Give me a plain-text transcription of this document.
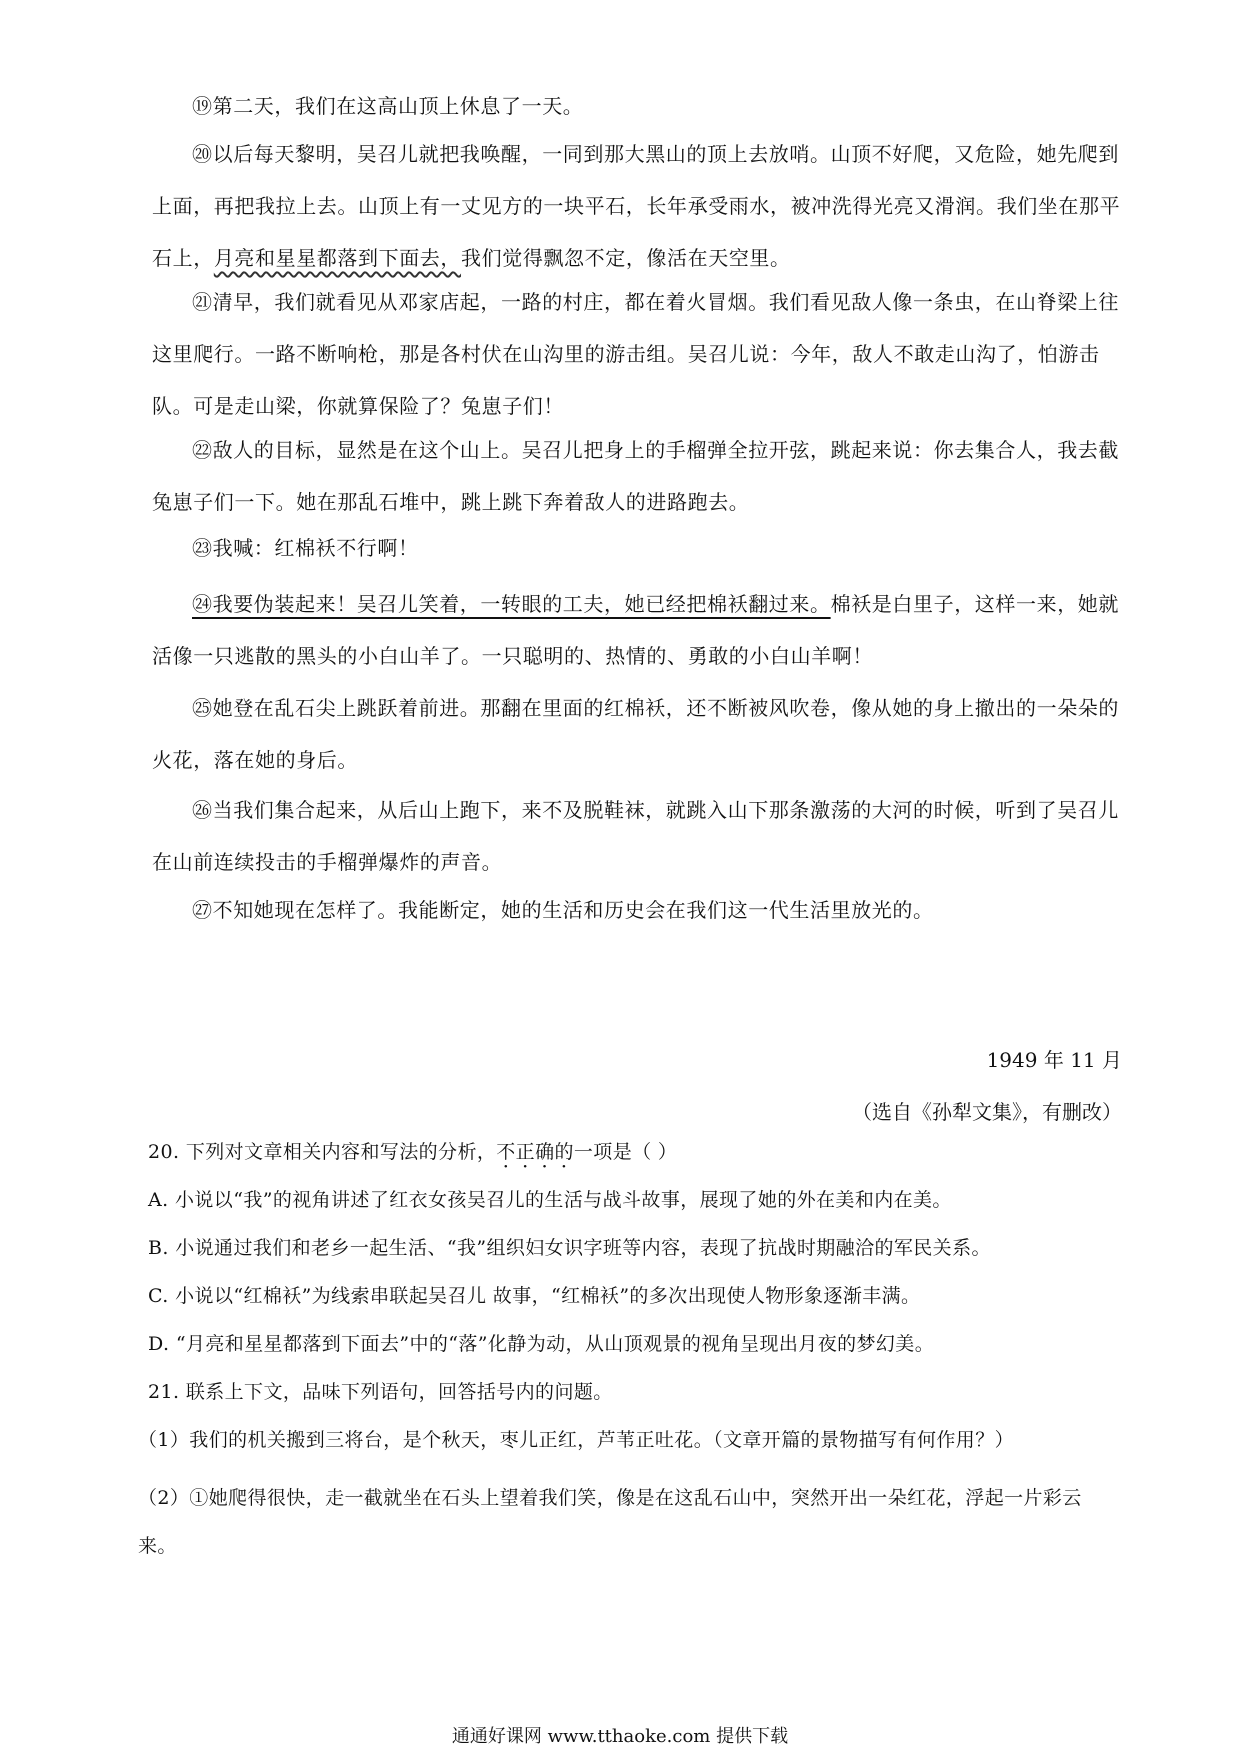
⑲第二天，我们在这高山顶上休息了一天。
⑳以后每天黎明，吴召儿就把我唤醒，一同到那大黑山的顶上去放哨。山顶不好爬，又危险，她先爬到上面，再把我拉上去。山顶上有一丈见方的一块平石，长年承受雨水，被冲洗得光亮又滑润。我们坐在那平石上，月亮和星星都落到下面去，我们觉得飘忽不定，像活在天空里。
㉑清早，我们就看见从邓家店起，一路的村庄，都在着火冒烟。我们看见敌人像一条虫，在山脊梁上往这里爬行。一路不断响枪，那是各村伏在山沟里的游击组。吴召儿说：今年，敌人不敢走山沟了，怕游击队。可是走山梁，你就算保险了？兔崽子们！
㉒敌人的目标，显然是在这个山上。吴召儿把身上的手榴弹全拉开弦，跳起来说：你去集合人，我去截兔崽子们一下。她在那乱石堆中，跳上跳下奔着敌人的进路跑去。
㉓我喊：红棉袄不行啊！
㉔我要伪装起来！吴召儿笑着，一转眼的工夫，她已经把棉袄翻过来。棉袄是白里子，这样一来，她就活像一只逃散的黑头的小白山羊了。一只聪明的、热情的、勇敢的小白山羊啊！
㉕她登在乱石尖上跳跃着前进。那翻在里面的红棉袄，还不断被风吹卷，像从她的身上撤出的一朵朵的火花，落在她的身后。
㉖当我们集合起来，从后山上跑下，来不及脱鞋袜，就跳入山下那条激荡的大河的时候，听到了吴召儿在山前连续投击的手榴弹爆炸的声音。
㉗不知她现在怎样了。我能断定，她的生活和历史会在我们这一代生活里放光的。
1949 年 11 月
（选自《孙犁文集》，有删改）
20. 下列对文章相关内容和写法的分析，不正确的一项是（ ）
A. 小说以“我”的视角讲述了红衣女孩吴召儿的生活与战斗故事，展现了她的外在美和内在美。
B. 小说通过我们和老乡一起生活、“我”组织妇女识字班等内容，表现了抗战时期融洽的军民关系。
C. 小说以“红棉袄”为线索串联起吴召儿 故事，“红棉袄”的多次出现使人物形象逐渐丰满。
D. “月亮和星星都落到下面去”中的“落”化静为动，从山顶观景的视角呈现出月夜的梦幻美。
21. 联系上下文，品味下列语句，回答括号内的问题。
（1）我们的机关搬到三将台，是个秋天，枣儿正红，芦苇正吐花。（文章开篇的景物描写有何作用？）
（2）①她爬得很快，走一截就坐在石头上望着我们笑，像是在这乱石山中，突然开出一朵红花，浮起一片彩云来。
通通好课网 www.tthaoke.com 提供下载
